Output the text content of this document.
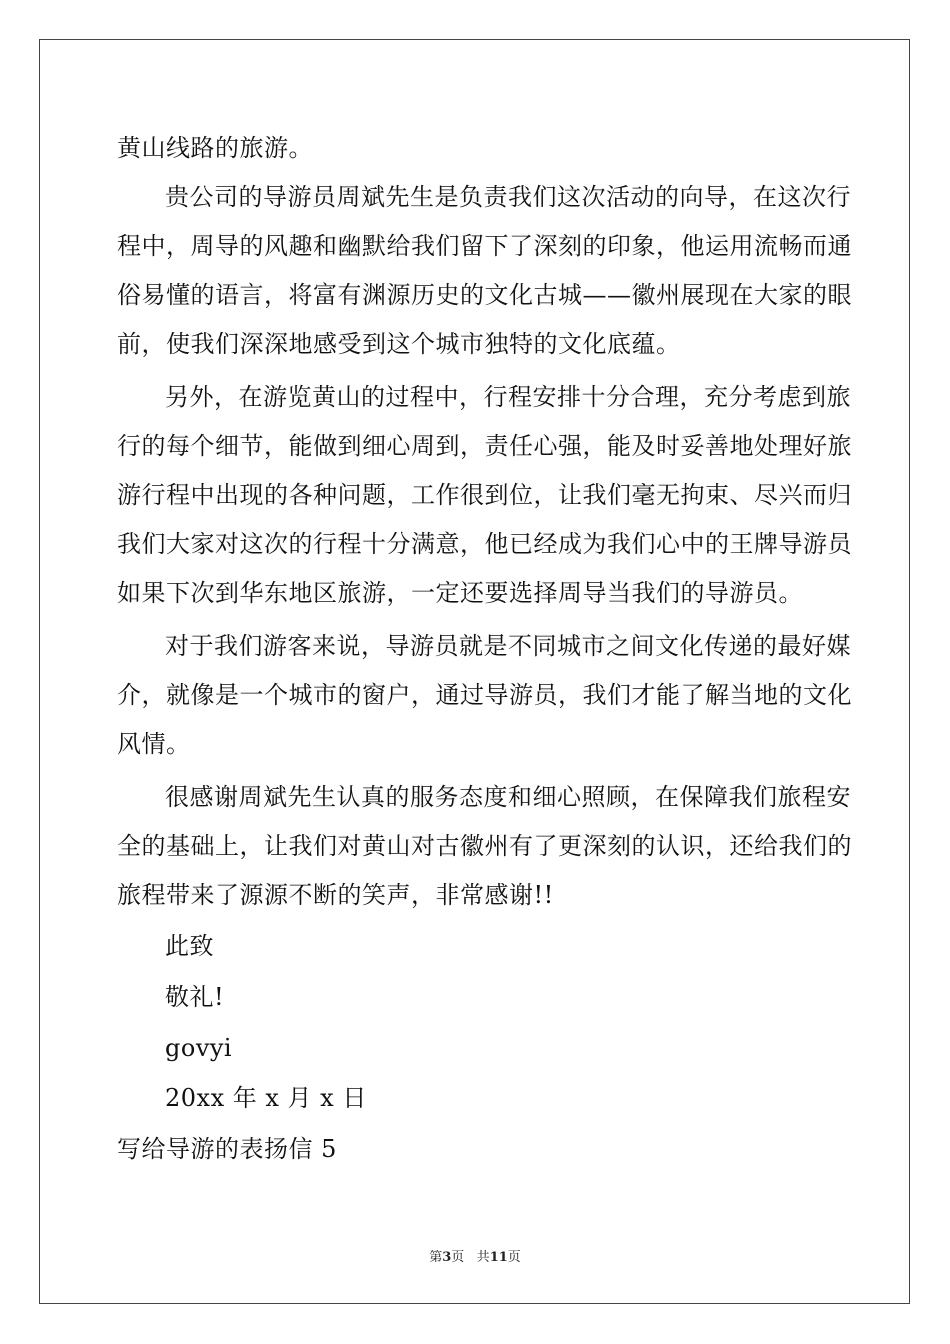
黄山线路的旅游。
贵公司的导游员周斌先生是负责我们这次活动的向导，在这次行
程中，周导的风趣和幽默给我们留下了深刻的印象，他运用流畅而通
俗易懂的语言，将富有渊源历史的文化古城——徽州展现在大家的眼
前，使我们深深地感受到这个城市独特的文化底蕴。
另外，在游览黄山的过程中，行程安排十分合理，充分考虑到旅
行的每个细节，能做到细心周到，责任心强，能及时妥善地处理好旅
游行程中出现的各种问题，工作很到位，让我们毫无拘束、尽兴而归
我们大家对这次的行程十分满意，他已经成为我们心中的王牌导游员
如果下次到华东地区旅游，一定还要选择周导当我们的导游员。
对于我们游客来说，导游员就是不同城市之间文化传递的最好媒
介，就像是一个城市的窗户，通过导游员，我们才能了解当地的文化
风情。
很感谢周斌先生认真的服务态度和细心照顾，在保障我们旅程安
全的基础上，让我们对黄山对古徽州有了更深刻的认识，还给我们的
旅程带来了源源不断的笑声，非常感谢!!
此致
敬礼!
govyi
20xx 年 x 月 x 日
写给导游的表扬信 5
第3页 共11页
